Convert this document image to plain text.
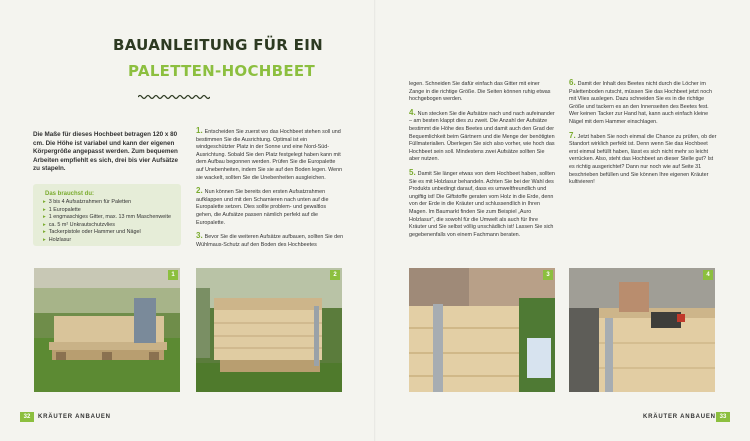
BAUANLEITUNG FÜR EIN
PALETTEN-HOCHBEET
Die Maße für dieses Hochbeet betragen 120 x 80 cm. Die Höhe ist variabel und kann der eigenen Körpergröße angepasst werden. Zum bequemen Arbeiten empfiehlt es sich, drei bis vier Aufsätze zu stapeln.
Das brauchst du:
▸ 3 bis 4 Aufsatzrahmen für Paletten
▸ 1 Europalette
▸ 1 engmaschiges Gitter, max. 13 mm Maschenweite
▸ ca. 5 m² Unkrautschutzvlies
▸ Tackerpistole oder Hammer und Nägel
▸ Holzlasur

1. Entscheiden Sie zuerst wo das Hochbeet stehen soll und bestimmen Sie die Ausrichtung. Optimal ist ein windgeschützter Platz in der Sonne und eine Nord-Süd-Ausrichtung. Sobald Sie den Platz festgelegt haben kann mit dem Aufbau begonnen werden. Prüfen Sie die Europalette auf Unebenheiten, indem Sie sie auf den Boden legen. Wenn sie wackelt, sollten Sie die Unebenheiten ausgleichen.

2. Nun können Sie bereits den ersten Aufsatzrahmen aufklappen und mit den Scharnieren nach unten auf die Europalette setzen. Dies sollte problem- und gewaltlos gehen, die Aufsätze passen nämlich perfekt auf die Europalette.

3. Bevor Sie die weiteren Aufsätze aufbauen, sollten Sie den Wühlmaus-Schutz auf den Boden des Hochbeetes

legen. Schneiden Sie dafür einfach das Gitter mit einer Zange in die richtige Größe. Die Seiten können ruhig etwas hochgebogen werden.

4. Nun stecken Sie die Aufsätze nach und nach aufeinander – am besten klappt dies zu zweit. Die Anzahl der Aufsätze bestimmt die Höhe des Beetes und damit auch den Grad der Bequemlichkeit beim Gärtnern und die Menge der benötigten Füllmaterialien. Überlegen Sie sich also vorher, wie hoch das Hochbeet sein soll. Mindestens zwei Aufsätze sollten Sie aber nutzen.

5. Damit Sie länger etwas von dem Hochbeet haben, sollten Sie es mit Holzlasur behandeln. Achten Sie bei der Wahl des Produkts unbedingt darauf, dass es umweltfreundlich und ungiftig ist! Die Giftstoffe geraten vom Holz in die Erde, denn von der Erde in die Kräuter und schlussendlich in Ihren Magen. Im Baumarkt finden Sie zum Beispiel „Auro Holzlasur", die sowohl für die Umwelt als auch für Ihre Kräuter und Sie selbst völlig unschädlich ist! Lassen Sie sich gegebenenfalls von einem Fachmann beraten.

6. Damit der Inhalt des Beetes nicht durch die Löcher im Palettenboden rutscht, müssen Sie das Hochbeet jetzt noch mit Vlies auslegen. Dazu schneiden Sie es in die richtige Größe und tackern es an den Innenseiten des Beetes fest. Wer keinen Tacker zur Hand hat, kann auch einfach kleine Nägel mit dem Hammer einschlagen.

7. Jetzt haben Sie noch einmal die Chance zu prüfen, ob der Standort wirklich perfekt ist. Denn wenn Sie das Hochbeet erst einmal befüllt haben, lässt es sich nicht mehr so leicht verrücken. Also, steht das Hochbeet an dieser Stelle gut? Ist es richtig ausgerichtet? Dann nur noch wie auf Seite 31 beschrieben befüllen und Sie können Ihre eigenen Kräuter kultivieren!

1	2	3	4
32	KRÄUTER ANBAUEN	KRÄUTER ANBAUEN 33
